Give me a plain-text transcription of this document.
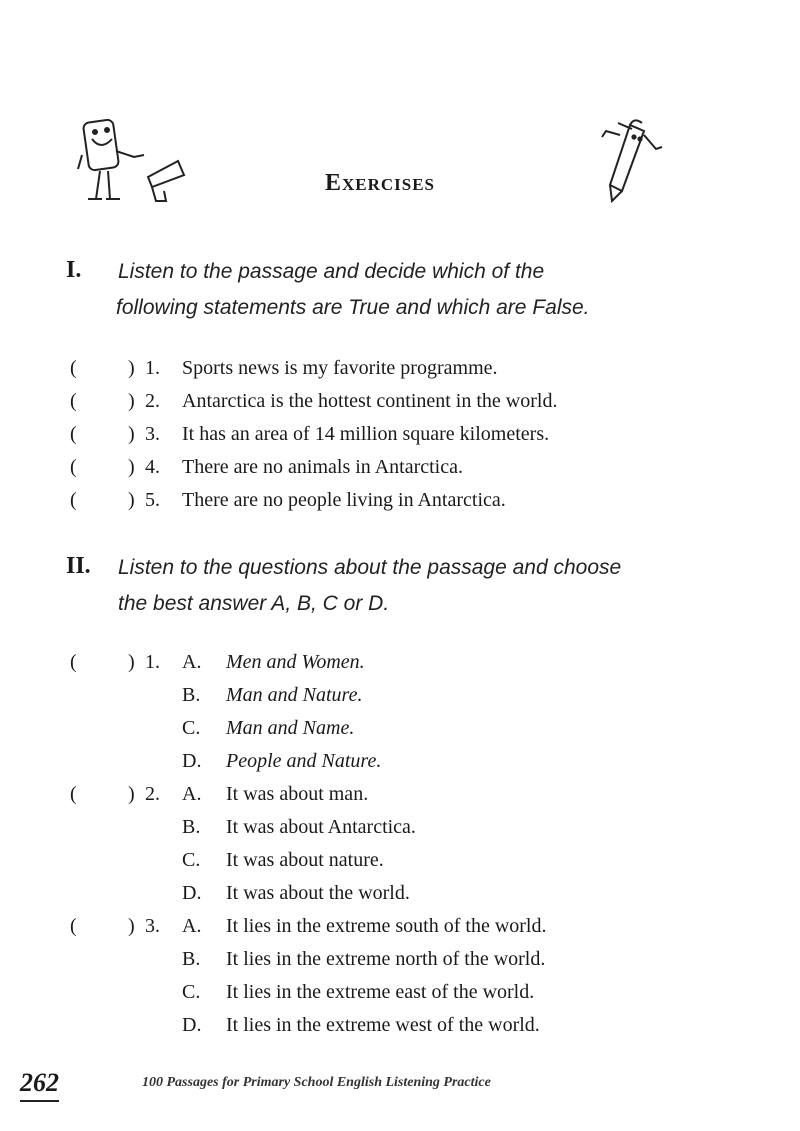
Exercises
I. Listen to the passage and decide which of the
following statements are True and which are False.
(	) 1. Sports news is my favorite programme.
(	) 2. Antarctica is the hottest continent in the world.
(	) 3. It has an area of 14 million square kilometers.
(	) 4. There are no animals in Antarctica.
(	) 5. There are no people living in Antarctica.
II. Listen to the questions about the passage and choose
the best answer A, B, C or D.
(	) 1. A. Men and Women.
B. Man and Nature.
C. Man and Name.
D. People and Nature.
(	) 2. A. It was about man.
B. It was about Antarctica.
C. It was about nature.
D. It was about the world.
(	) 3. A. It lies in the extreme south of the world.
B. It lies in the extreme north of the world.
C. It lies in the extreme east of the world.
D. It lies in the extreme west of the world.
262	100 Passages for Primary School English Listening Practice
